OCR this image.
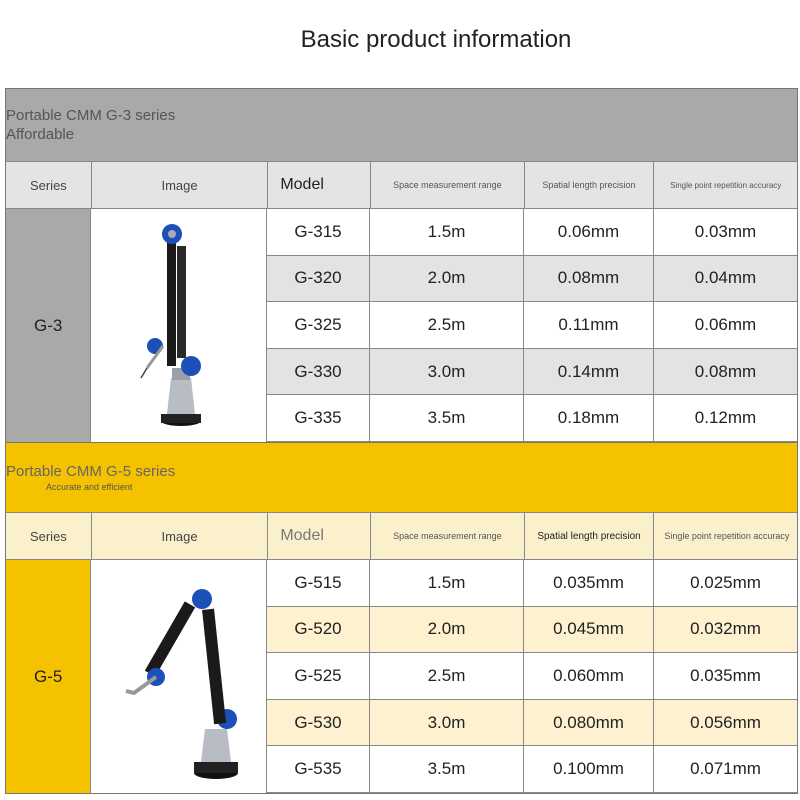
Basic product information
Portable CMM G-3 series
Affordable
Series	Image	Model	Space measurement range	Spatial length precision	Single point repetition accuracy
G-3
G-315	1.5m	0.06mm	0.03mm
G-320	2.0m	0.08mm	0.04mm
G-325	2.5m	0.11mm	0.06mm
G-330	3.0m	0.14mm	0.08mm
G-335	3.5m	0.18mm	0.12mm
Portable CMM G-5 series
Accurate and efficient
Series	Image	Model	Space measurement range	Spatial length precision	Single point repetition accuracy
G-5
G-515	1.5m	0.035mm	0.025mm
G-520	2.0m	0.045mm	0.032mm
G-525	2.5m	0.060mm	0.035mm
G-530	3.0m	0.080mm	0.056mm
G-535	3.5m	0.100mm	0.071mm
